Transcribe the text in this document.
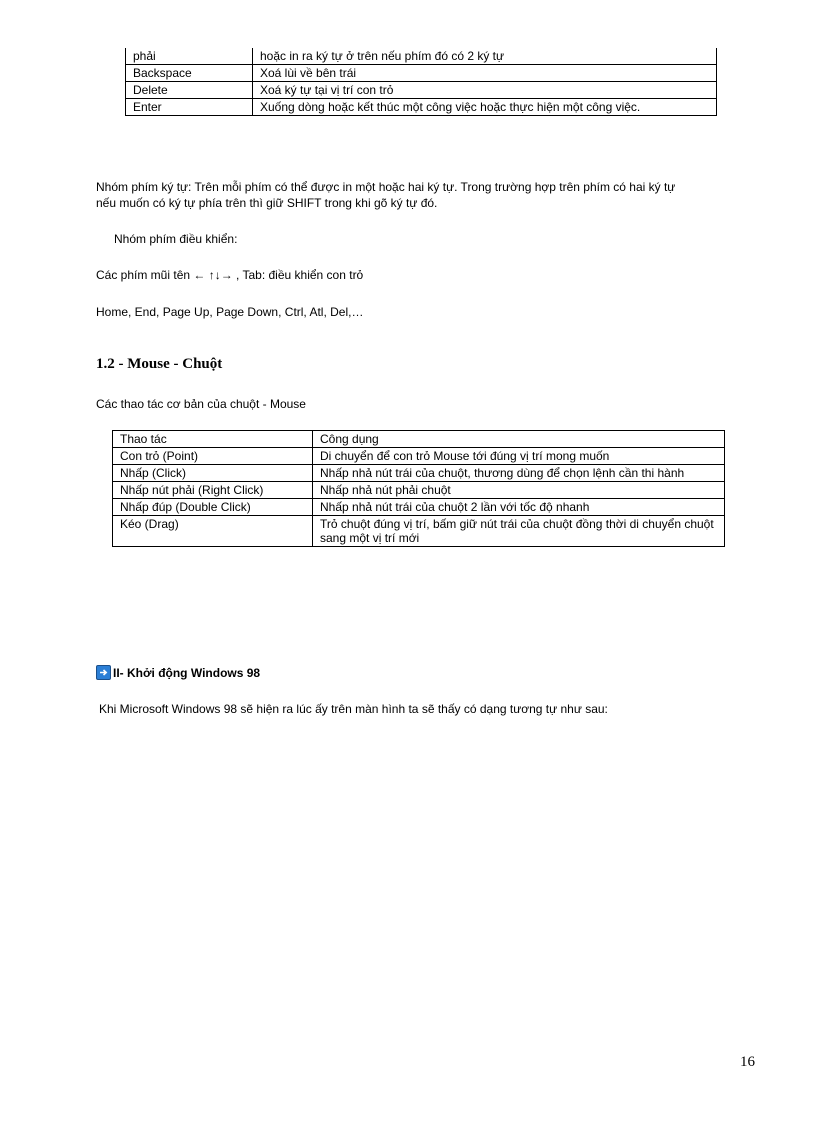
phải	hoặc in ra ký tự ở trên nếu phím đó có 2 ký tự
Backspace	Xoá lùi về bên trái
Delete	Xoá ký tự tại vị trí con trỏ
Enter	Xuống dòng hoặc kết thúc một công việc hoặc thực hiện một công việc.
Nhóm phím ký tự: Trên mỗi phím có thể được in một hoặc hai ký tự. Trong trường hợp trên phím có hai ký tự
nếu muốn có ký tự phía trên thì giữ SHIFT trong khi gõ ký tự đó.
Nhóm phím điều khiển:
Các phím mũi tên ← ↑↓→ , Tab: điều khiển con trỏ
Home, End, Page Up, Page Down, Ctrl, Atl, Del,…
1.2 - Mouse - Chuột
Các thao tác cơ bản của chuột - Mouse
Thao tác	Công dụng
Con trỏ (Point)	Di chuyển để con trỏ Mouse tới đúng vị trí mong muốn
Nhấp (Click)	Nhấp nhả nút trái của chuột, thương dùng để chọn lệnh cần thi hành
Nhấp nút phải (Right Click)	Nhấp nhả nút phải chuột
Nhấp đúp (Double Click)	Nhấp nhả nút trái của chuột 2 lần với tốc độ nhanh
Kéo (Drag)	Trỏ chuột đúng vị trí, bấm giữ nút trái của chuột đồng thời di chuyển chuột sang một vị trí mới
II- Khởi động Windows 98
Khi Microsoft Windows 98 sẽ hiện ra lúc ấy trên màn hình ta sẽ thấy có dạng tương tự như sau:
16
